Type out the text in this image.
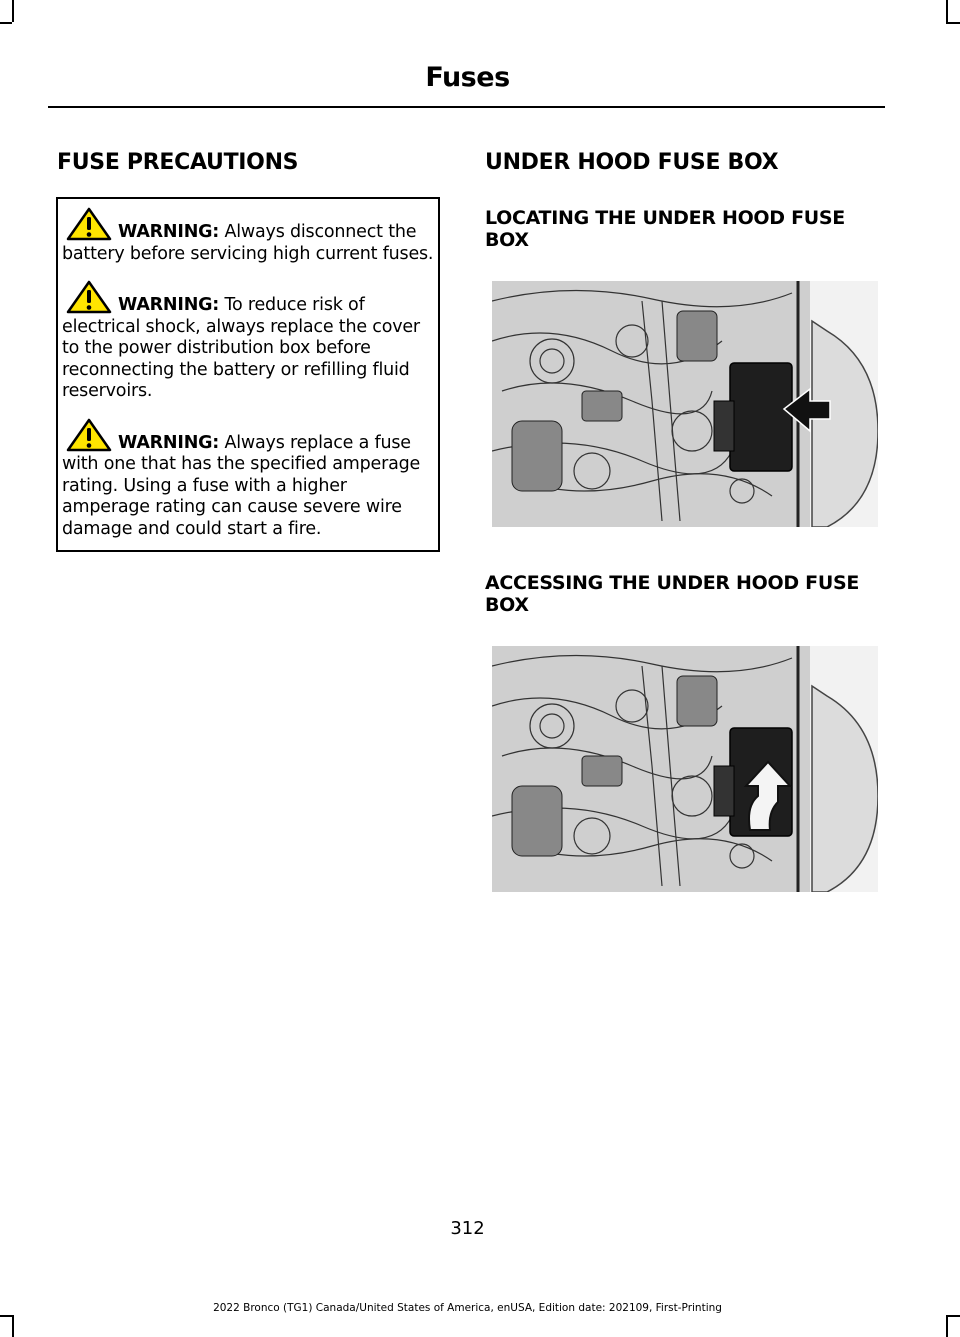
Fuses
FUSE PRECAUTIONS

WARNING: Always disconnect the battery before servicing high current fuses.

WARNING: To reduce risk of electrical shock, always replace the cover to the power distribution box before reconnecting the battery or refilling fluid reservoirs.

WARNING: Always replace a fuse with one that has the specified amperage rating. Using a fuse with a higher amperage rating can cause severe wire damage and could start a fire.

UNDER HOOD FUSE BOX
LOCATING THE UNDER HOOD FUSE BOX
ACCESSING THE UNDER HOOD FUSE BOX
312
2022 Bronco (TG1) Canada/United States of America, enUSA, Edition date: 202109, First-Printing
